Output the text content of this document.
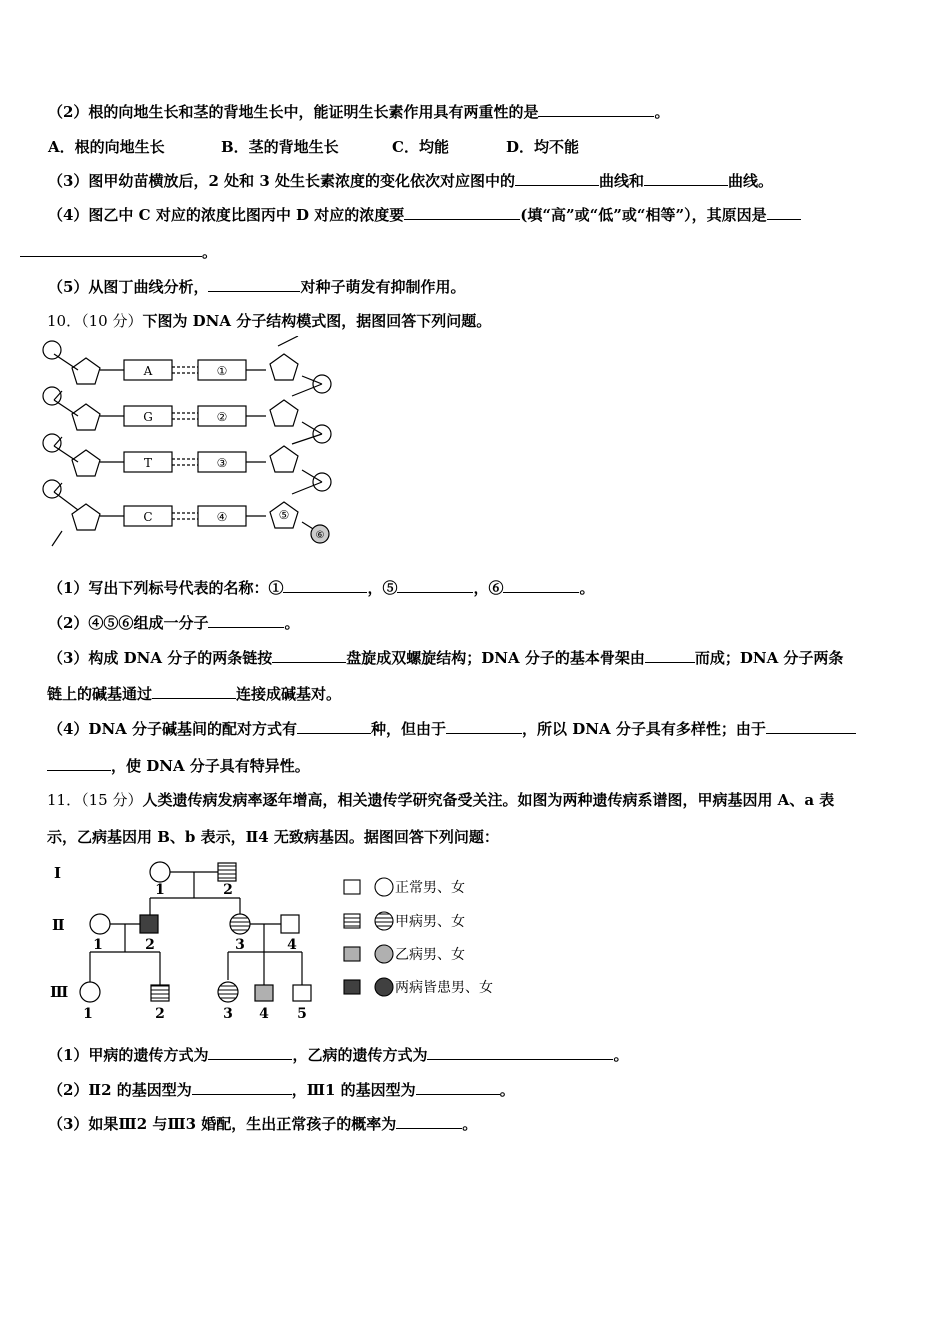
（2）根的向地生长和茎的背地生长中，能证明生长素作用具有两重性的是	。
A．根的向地生长	B．茎的背地生长	C．均能	D．均不能
（3）图甲幼苗横放后，2 处和 3 处生长素浓度的变化依次对应图中的	曲线和	曲线。
（4）图乙中 C 对应的浓度比图丙中 D 对应的浓度要	(填“高”或“低”或“相等”），其原因是
。
（5）从图丁曲线分析，	对种子萌发有抑制作用。
10．（10 分）下图为 DNA 分子结构模式图，据图回答下列问题。
A
G
T
C
①
②
③
④	⑤
⑥
（1）写出下列标号代表的名称：①	，⑤	，⑥	。
（2）④⑤⑥组成一分子	。
（3）构成 DNA 分子的两条链按	盘旋成双螺旋结构；DNA 分子的基本骨架由	而成；DNA 分子两条
链上的碱基通过	连接成碱基对。
（4）DNA 分子碱基间的配对方式有	种，但由于	，所以 DNA 分子具有多样性；由于
，使 DNA 分子具有特异性。
11．（15 分）人类遗传病发病率逐年增高，相关遗传学研究备受关注。如图为两种遗传病系谱图，甲病基因用 A、a 表
示，乙病基因用 B、b 表示，Ⅱ4 无致病基因。据图回答下列问题：
Ⅰ
Ⅱ
Ⅲ
1	2
1	2	3	4
1	2	3 4 5
正常男、女
甲病男、女
乙病男、女
两病皆患男、女
（1）甲病的遗传方式为	，乙病的遗传方式为	。
（2）Ⅱ2 的基因型为	，Ⅲ1 的基因型为	。
（3）如果Ⅲ2 与Ⅲ3 婚配，生出正常孩子的概率为	。
